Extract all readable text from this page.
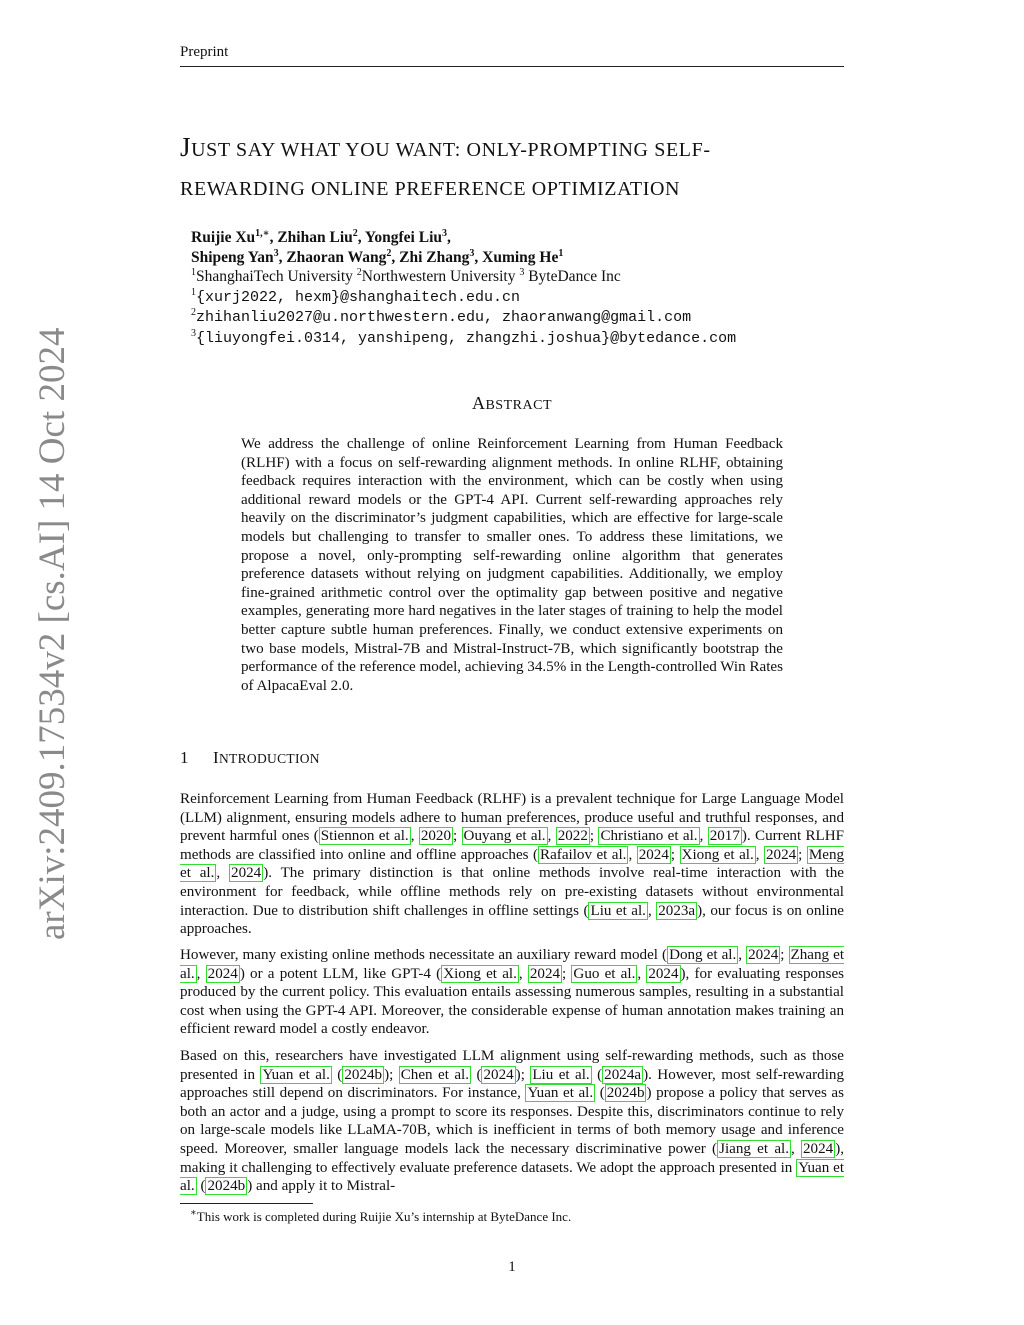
Preprint
arXiv:2409.17534v2 [cs.AI] 14 Oct 2024
JUST SAY WHAT YOU WANT: ONLY-PROMPTING SELF-
REWARDING ONLINE PREFERENCE OPTIMIZATION
Ruijie $Xu^{1,∗}$, Zhihan Liu$^2$, Yongfei Liu$^3$,
Shipeng Yan$^3$, Zhaoran Wang$^2$, Zhi Zhang$^3$, Xuming He$^1$
$^1$ShanghaiTech University $^2$Northwestern University $^3$ ByteDance Inc
$^1${xurj2022, hexm}@shanghaitech.edu.cn
$^2$zhihanliu2027@u.northwestern.edu, zhaoranwang@gmail.com
$^3${liuyongfei.0314, yanshipeng, zhangzhi.joshua}@bytedance.com
ABSTRACT
We address the challenge of online Reinforcement Learning from Human Feedback (RLHF) with a focus on self-rewarding alignment methods. In online RLHF, obtaining feedback requires interaction with the environment, which can be costly when using additional reward models or the GPT-4 API. Current self-rewarding approaches rely heavily on the discriminator’s judgment capabilities, which are effective for large-scale models but challenging to transfer to smaller ones. To address these limitations, we propose a novel, only-prompting self-rewarding online algorithm that generates preference datasets without relying on judgment capabilities. Additionally, we employ fine-grained arithmetic control over the optimality gap between positive and negative examples, generating more hard negatives in the later stages of training to help the model better capture subtle human preferences. Finally, we conduct extensive experiments on two base models, Mistral-7B and Mistral-Instruct-7B, which significantly bootstrap the performance of the reference model, achieving 34.5% in the Length-controlled Win Rates of AlpacaEval 2.0.
1 INTRODUCTION

Reinforcement Learning from Human Feedback (RLHF) is a prevalent technique for Large Language Model (LLM) alignment, ensuring models adhere to human preferences, produce useful and truthful responses, and prevent harmful ones ( Stiennon et al. , 2020 ; Ouyang et al. , 2022 ; Christiano et al. , 2017 ). Current RLHF methods are classified into online and offline approaches ( Rafailov et al. , 2024 ; Xiong et al. , 2024 ; Meng et al. , 2024 ). The primary distinction is that online methods involve real-time interaction with the environment for feedback, while offline methods rely on pre-existing datasets without environmental interaction. Due to distribution shift challenges in offline settings ( Liu et al. , 2023a ), our focus is on online approaches.

However, many existing online methods necessitate an auxiliary reward model ( Dong et al. , 2024 ; Zhang et al. , 2024 ) or a potent LLM, like GPT-4 ( Xiong et al. , 2024 ; Guo et al. , 2024 ), for evaluating responses produced by the current policy. This evaluation entails assessing numerous samples, resulting in a substantial cost when using the GPT-4 API. Moreover, the considerable expense of human annotation makes training an efficient reward model a costly endeavor.

Based on this, researchers have investigated LLM alignment using self-rewarding methods, such as those presented in Yuan et al. ( 2024b ); Chen et al. ( 2024 ); Liu et al. ( 2024a ). However, most self-rewarding approaches still depend on discriminators. For instance, Yuan et al. ( 2024b ) propose a policy that serves as both an actor and a judge, using a prompt to score its responses. Despite this, discriminators continue to rely on large-scale models like LLaMA-70B, which is inefficient in terms of both memory usage and inference speed. Moreover, smaller language models lack the necessary discriminative power ( Jiang et al. , 2024 ), making it challenging to effectively evaluate preference datasets. We adopt the approach presented in Yuan et al. ( 2024b ) and apply it to Mistral-

∗This work is completed during Ruijie Xu’s internship at ByteDance Inc.
1
